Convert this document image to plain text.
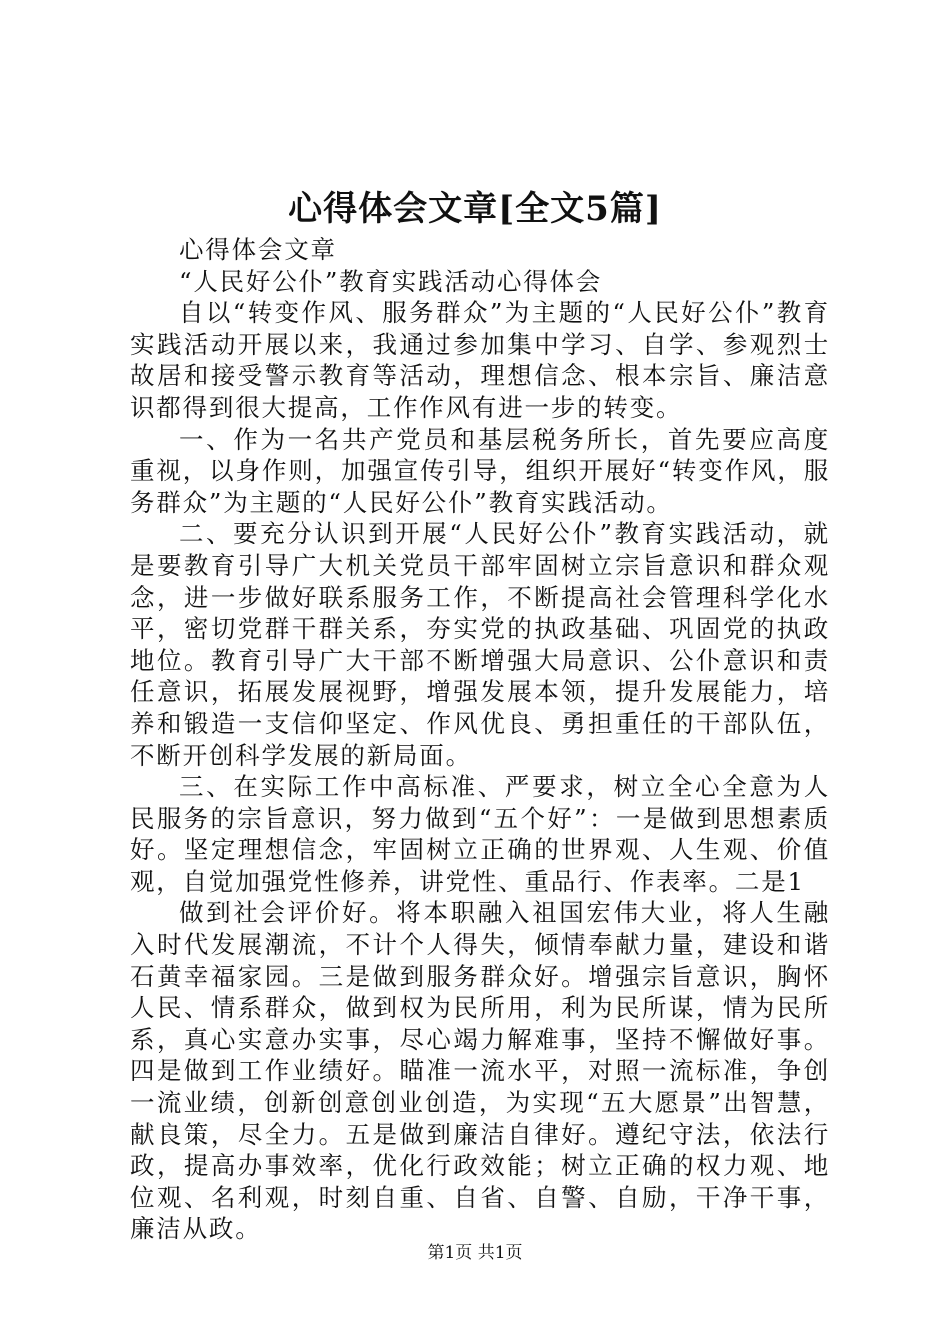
心得体会文章[全文5篇]

心得体会文章

“人民好公仆”教育实践活动心得体会

自以“转变作风、服务群众”为主题的“人民好公仆”教育实践活动开展以来，我通过参加集中学习、自学、参观烈士故居和接受警示教育等活动，理想信念、根本宗旨、廉洁意识都得到很大提高，工作作风有进一步的转变。

一、作为一名共产党员和基层税务所长，首先要应高度重视，以身作则，加强宣传引导，组织开展好“转变作风，服务群众”为主题的“人民好公仆”教育实践活动。

二、要充分认识到开展“人民好公仆”教育实践活动，就是要教育引导广大机关党员干部牢固树立宗旨意识和群众观念，进一步做好联系服务工作，不断提高社会管理科学化水平，密切党群干群关系，夯实党的执政基础、巩固党的执政地位。教育引导广大干部不断增强大局意识、公仆意识和责任意识，拓展发展视野，增强发展本领，提升发展能力，培养和锻造一支信仰坚定、作风优良、勇担重任的干部队伍，不断开创科学发展的新局面。

三、在实际工作中高标准、严要求，树立全心全意为人民服务的宗旨意识，努力做到“五个好”：一是做到思想素质好。坚定理想信念，牢固树立正确的世界观、人生观、价值观，自觉加强党性修养，讲党性、重品行、作表率。二是1

做到社会评价好。将本职融入祖国宏伟大业，将人生融入时代发展潮流，不计个人得失，倾情奉献力量，建设和谐石黄幸福家园。三是做到服务群众好。增强宗旨意识，胸怀人民、情系群众，做到权为民所用，利为民所谋，情为民所系，真心实意办实事，尽心竭力解难事，坚持不懈做好事。四是做到工作业绩好。瞄准一流水平，对照一流标准，争创一流业绩，创新创意创业创造，为实现“五大愿景”出智慧，献良策，尽全力。五是做到廉洁自律好。遵纪守法，依法行政，提高办事效率，优化行政效能；树立正确的权力观、地位观、名利观，时刻自重、自省、自警、自励，干净干事，廉洁从政。

第1页 共1页
